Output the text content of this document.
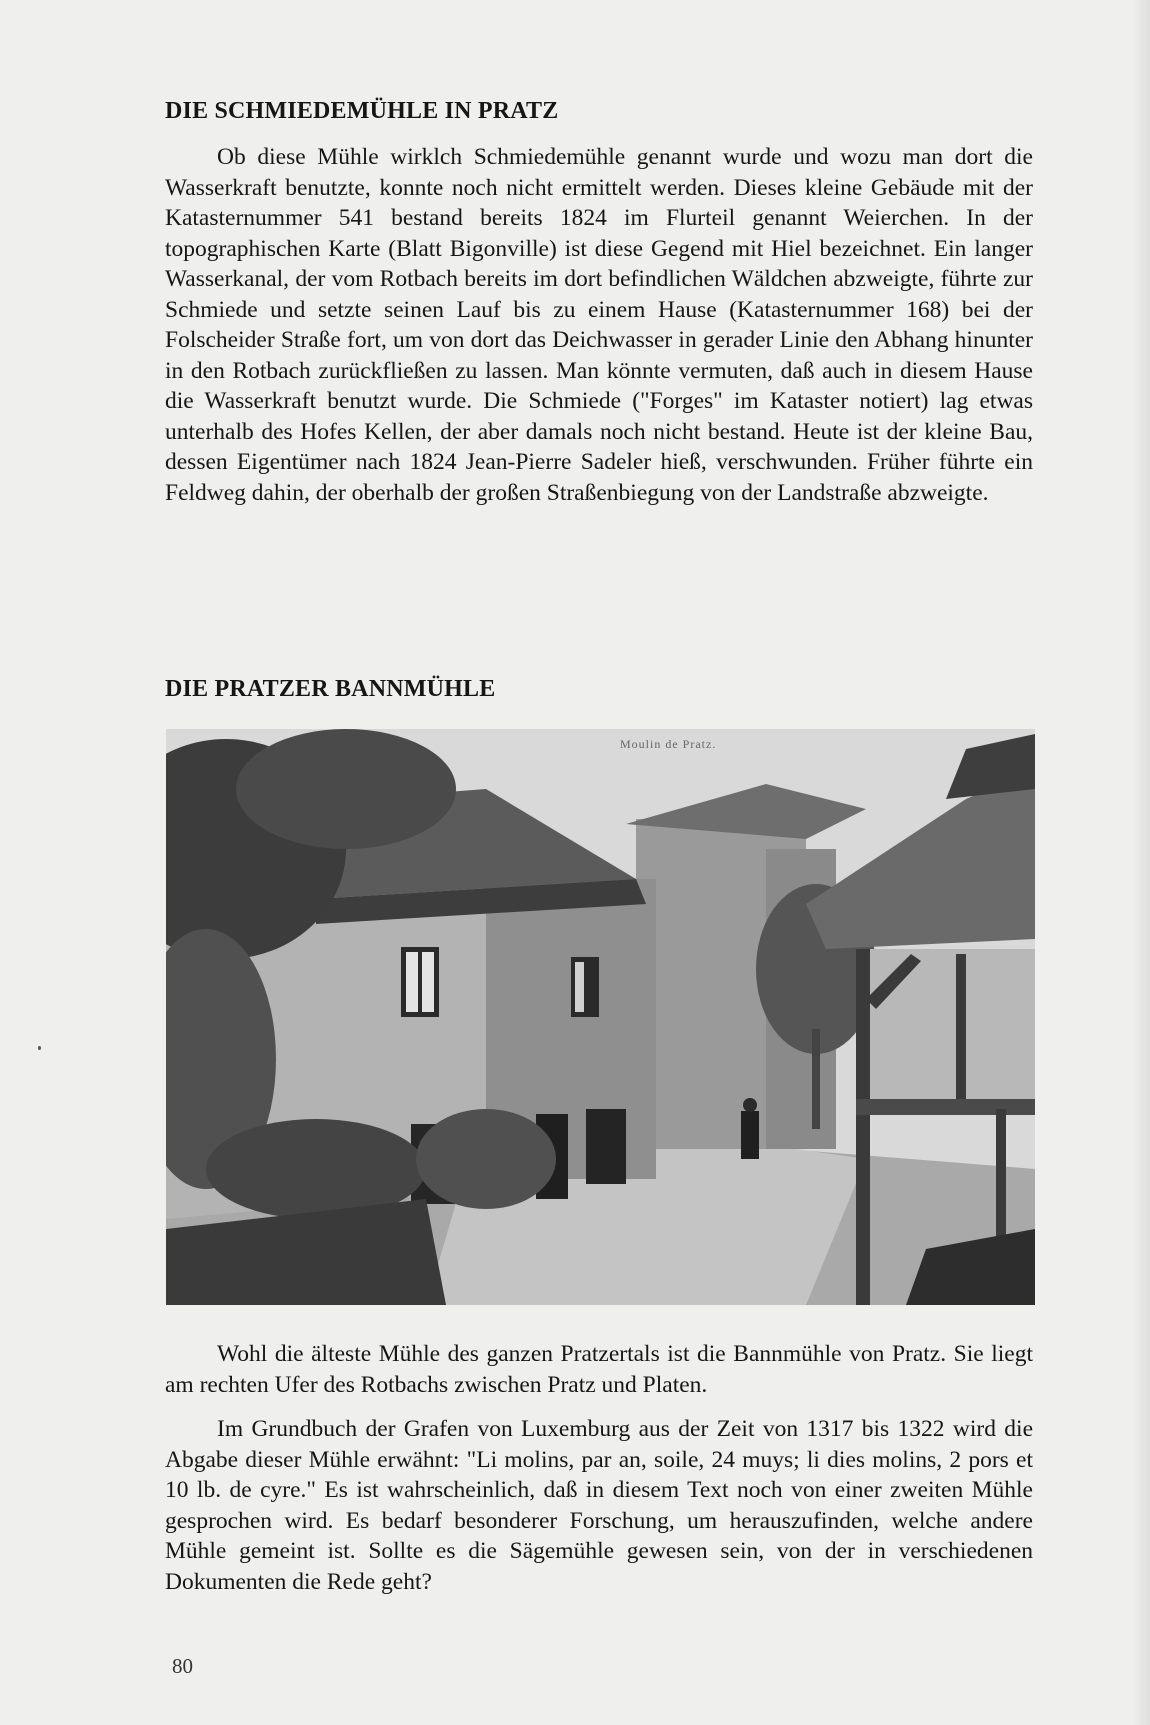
DIE SCHMIEDEMÜHLE IN PRATZ

Ob diese Mühle wirklch Schmiedemühle genannt wurde und wozu man dort die Wasserkraft benutzte, konnte noch nicht ermittelt werden. Dieses kleine Gebäude mit der Katasternummer 541 bestand bereits 1824 im Flurteil genannt Weierchen. In der topographischen Karte (Blatt Bigonville) ist diese Gegend mit Hiel bezeichnet. Ein langer Wasserkanal, der vom Rotbach bereits im dort befindlichen Wäldchen abzweigte, führte zur Schmiede und setzte seinen Lauf bis zu einem Hause (Katasternummer 168) bei der Folscheider Straße fort, um von dort das Deichwasser in gerader Linie den Abhang hinunter in den Rotbach zurückfließen zu lassen. Man könnte vermuten, daß auch in diesem Hause die Wasserkraft benutzt wurde. Die Schmiede ("Forges" im Kataster notiert) lag etwas unterhalb des Hofes Kellen, der aber damals noch nicht bestand. Heute ist der kleine Bau, dessen Eigentümer nach 1824 Jean-Pierre Sadeler hieß, verschwunden. Früher führte ein Feldweg dahin, der oberhalb der großen Straßenbiegung von der Landstraße abzweigte.

DIE PRATZER BANNMÜHLE
Moulin de Pratz.

Wohl die älteste Mühle des ganzen Pratzertals ist die Bannmühle von Pratz. Sie liegt am rechten Ufer des Rotbachs zwischen Pratz und Platen.

Im Grundbuch der Grafen von Luxemburg aus der Zeit von 1317 bis 1322 wird die Abgabe dieser Mühle erwähnt: "Li molins, par an, soile, 24 muys; li dies molins, 2 pors et 10 lb. de cyre." Es ist wahrscheinlich, daß in diesem Text noch von einer zweiten Mühle gesprochen wird. Es bedarf besonderer Forschung, um herauszufinden, welche andere Mühle gemeint ist. Sollte es die Sägemühle gewesen sein, von der in verschiedenen Dokumenten die Rede geht?

80
